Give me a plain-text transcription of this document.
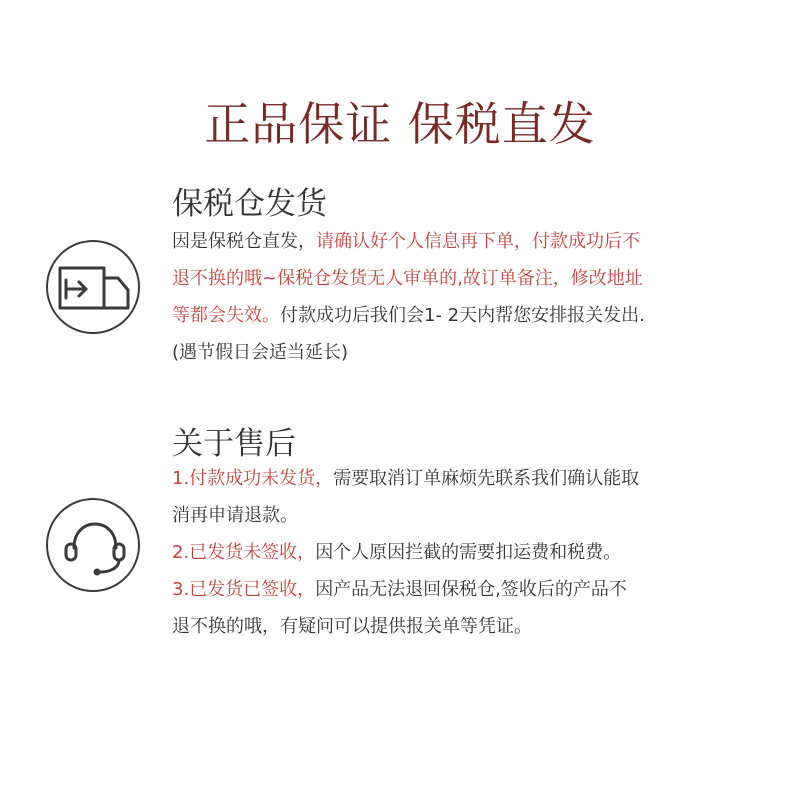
正品保证 保税直发
保税仓发货
因是保税仓直发，请确认好个人信息再下单，付款成功后不
退不换的哦~保税仓发货无人审单的,故订单备注，修改地址
等都会失效。付款成功后我们会1- 2天内帮您安排报关发出.
(遇节假日会适当延长)
关于售后
1.付款成功未发货，需要取消订单麻烦先联系我们确认能取
消再申请退款。
2.已发货未签收，因个人原因拦截的需要扣运费和税费。
3.已发货已签收，因产品无法退回保税仓,签收后的产品不
退不换的哦，有疑问可以提供报关单等凭证。
